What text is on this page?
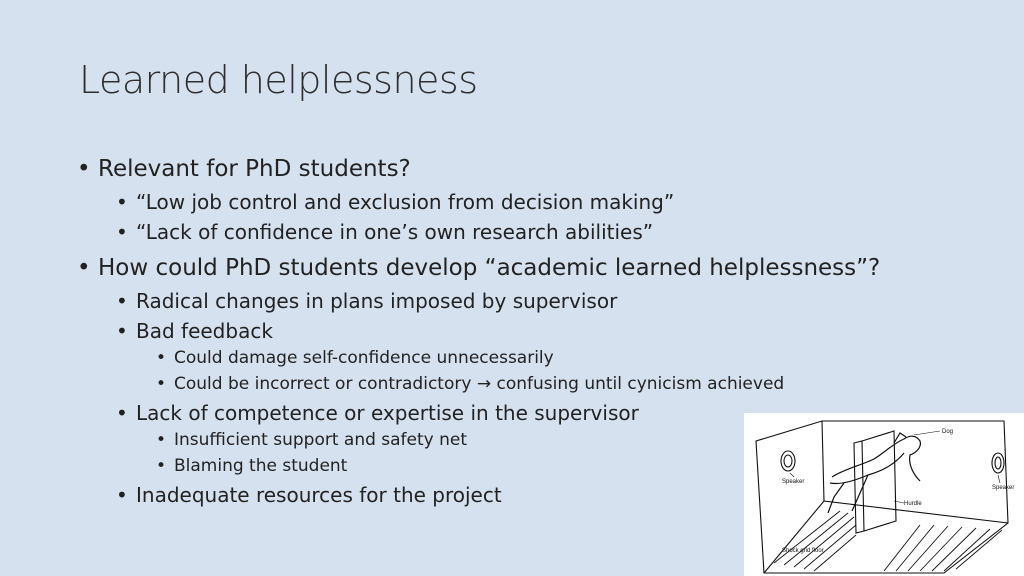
Learned helplessness
• Relevant for PhD students?
• “Low job control and exclusion from decision making”
• “Lack of confidence in one’s own research abilities”
• How could PhD students develop “academic learned helplessness”?
• Radical changes in plans imposed by supervisor
• Bad feedback
• Could damage self-confidence unnecessarily
• Could be incorrect or contradictory → confusing until cynicism achieved
• Lack of competence or expertise in the supervisor
• Insufficient support and safety net
• Blaming the student
• Inadequate resources for the project
Dog
Speaker
Speaker
Hurdle
Shock grid floor
